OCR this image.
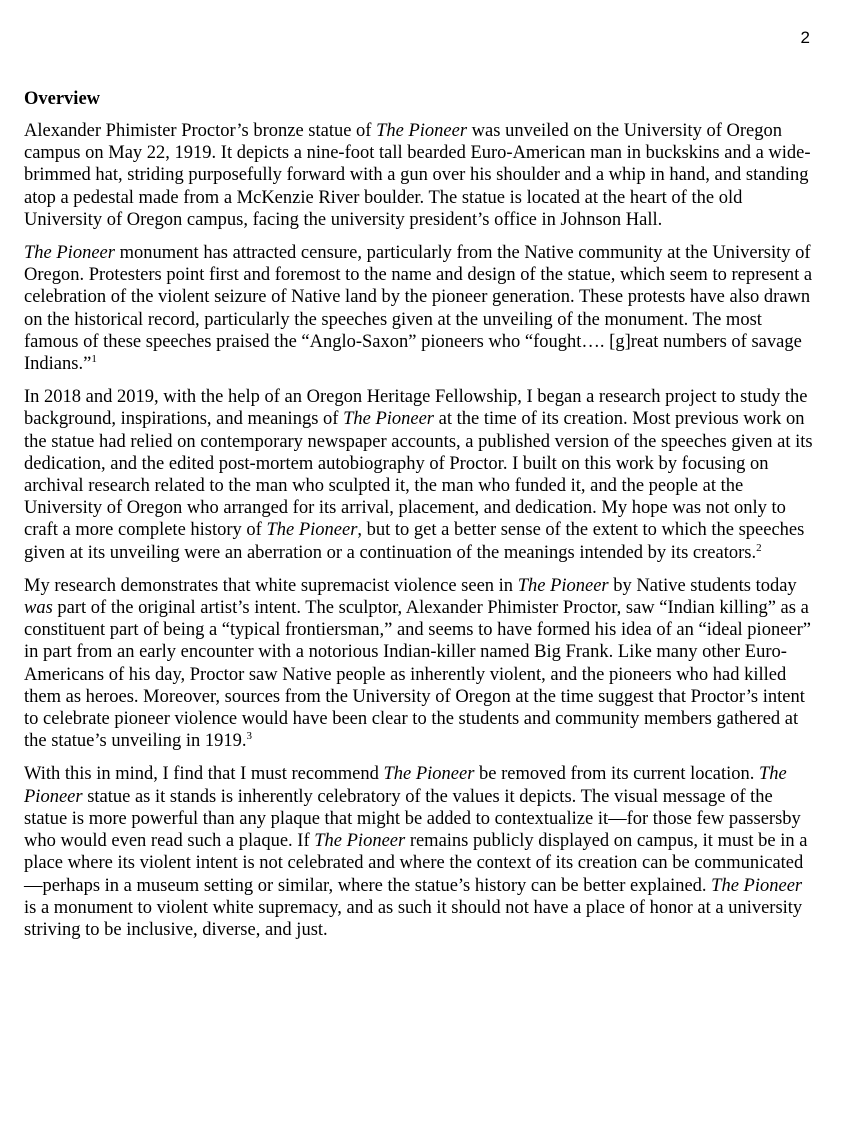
2
Overview

Alexander Phimister Proctor’s bronze statue of The Pioneer was unveiled on the University of Oregon campus on May 22, 1919. It depicts a nine-foot tall bearded Euro-American man in buckskins and a wide-brimmed hat, striding purposefully forward with a gun over his shoulder and a whip in hand, and standing atop a pedestal made from a McKenzie River boulder. The statue is located at the heart of the old University of Oregon campus, facing the university president’s office in Johnson Hall.

The Pioneer monument has attracted censure, particularly from the Native community at the University of Oregon. Protesters point first and foremost to the name and design of the statue, which seem to represent a celebration of the violent seizure of Native land by the pioneer generation. These protests have also drawn on the historical record, particularly the speeches given at the unveiling of the monument. The most famous of these speeches praised the “Anglo-Saxon” pioneers who “fought…. [g]reat numbers of savage Indians.”$^1$

In 2018 and 2019, with the help of an Oregon Heritage Fellowship, I began a research project to study the background, inspirations, and meanings of The Pioneer at the time of its creation. Most previous work on the statue had relied on contemporary newspaper accounts, a published version of the speeches given at its dedication, and the edited post-mortem autobiography of Proctor. I built on this work by focusing on archival research related to the man who sculpted it, the man who funded it, and the people at the University of Oregon who arranged for its arrival, placement, and dedication. My hope was not only to craft a more complete history of The Pioneer, but to get a better sense of the extent to which the speeches given at its unveiling were an aberration or a continuation of the meanings intended by its creators.$^2$

My research demonstrates that white supremacist violence seen in The Pioneer by Native students today was part of the original artist’s intent. The sculptor, Alexander Phimister Proctor, saw “Indian killing” as a constituent part of being a “typical frontiersman,” and seems to have formed his idea of an “ideal pioneer” in part from an early encounter with a notorious Indian-killer named Big Frank. Like many other Euro-Americans of his day, Proctor saw Native people as inherently violent, and the pioneers who had killed them as heroes. Moreover, sources from the University of Oregon at the time suggest that Proctor’s intent to celebrate pioneer violence would have been clear to the students and community members gathered at the statue’s unveiling in 1919.$^3$

With this in mind, I find that I must recommend The Pioneer be removed from its current location. The Pioneer statue as it stands is inherently celebratory of the values it depicts. The visual message of the statue is more powerful than any plaque that might be added to contextualize it—for those few passersby who would even read such a plaque. If The Pioneer remains publicly displayed on campus, it must be in a place where its violent intent is not celebrated and where the context of its creation can be communicated—perhaps in a museum setting or similar, where the statue’s history can be better explained. The Pioneer is a monument to violent white supremacy, and as such it should not have a place of honor at a university striving to be inclusive, diverse, and just.
